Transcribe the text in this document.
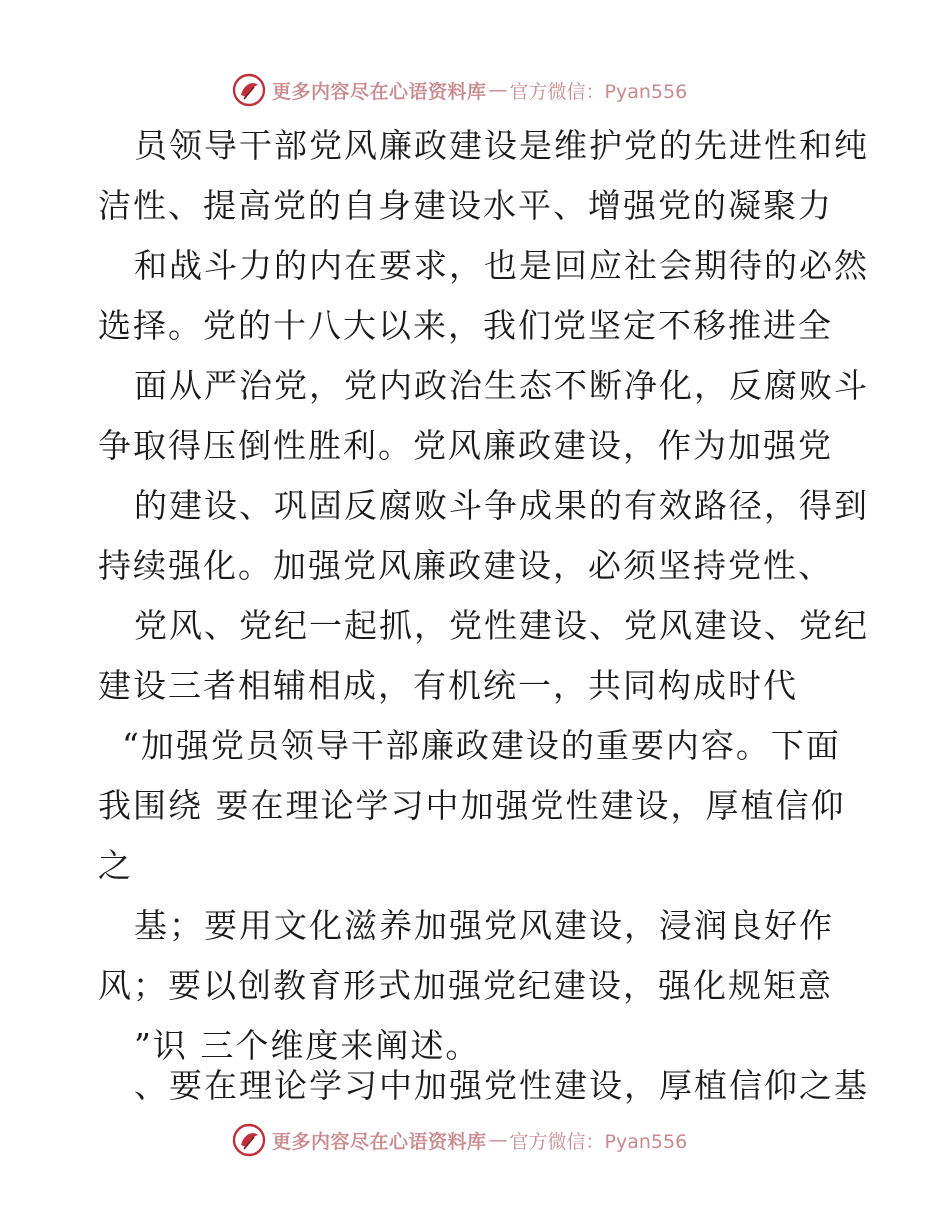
更多内容尽在心语资料库 — 官方微信：Pyan556
员领导干部党风廉政建设是维护党的先进性和纯
洁性、提高党的自身建设水平、增强党的凝聚力
和战斗力的内在要求，也是回应社会期待的必然
选择。党的十八大以来，我们党坚定不移推进全
面从严治党，党内政治生态不断净化，反腐败斗
争取得压倒性胜利。党风廉政建设，作为加强党
的建设、巩固反腐败斗争成果的有效路径，得到
持续强化。加强党风廉政建设，必须坚持党性、
党风、党纪一起抓，党性建设、党风建设、党纪
建设三者相辅相成，有机统一，共同构成时代
“加强党员领导干部廉政建设的重要内容。下面
我围绕 要在理论学习中加强党性建设，厚植信仰
之
基；要用文化滋养加强党风建设，浸润良好作
风；要以创教育形式加强党纪建设，强化规矩意
”识 三个维度来阐述。
、要在理论学习中加强党性建设，厚植信仰之基
更多内容尽在心语资料库 — 官方微信：Pyan556
